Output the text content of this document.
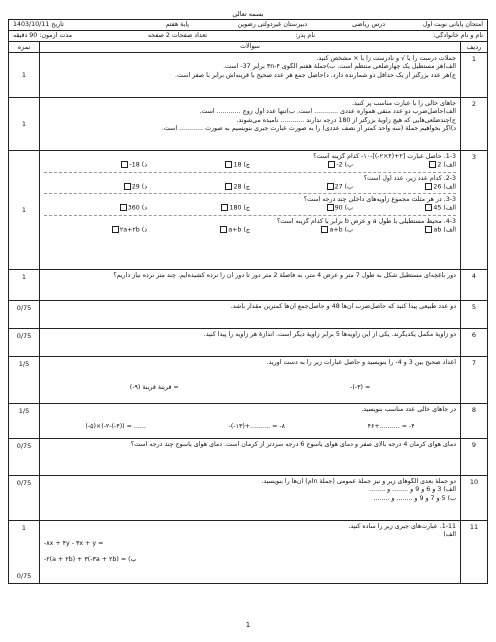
بسمه تعالی
امتحان پایانی نوبت اول
درس ریاضی
دبیرستان غیردولتی رضوین
پایهٔ هفتم
تاریخ 1403/10/11
نام و نام خانوادگی:
نام پدر:
تعداد صفحات 2 صفحه
مدت آزمون: 90 دقیقه
ردیف
سوالات
نمره
1
جملات درست را با √ و نادرست را با × مشخص کنید.
الف)هر مستطیل یک چهارضلعی منتظم است. ب)جملهٔ هفتم الگوی ۳n-۴ برابر 37- است.
ج)هر عدد بزرگتر از یک حداقل دو شمارنده دارد. د)حاصل جمع هر عدد صحیح با قرینه‌اش برابر با صفر است.
1
2
جاهای خالی را با عبارت مناسب پر کنید.
الف)حاصل‌ضرب دو عدد منفی همواره عددی ............ است. ب)تنها عدد اول زوج ............ است.
ج)چندضلعی‌هایی که هیچ زاویهٔ بزرگتر از 180 درجه ندارند ............ نامیده می‌شوند.
د)اگر بخواهیم جملهٔ (سه واحد کمتر از نصف عددی) را به صورت عبارت جبری بنویسیم به صورت ............ است.
1
3
1-3. حاصل عبارت [۲+(۴×۲-)]-۱۰- کدام گزینه است؟
الف) 2
ب) 2-
ج) 18
د) 18-
2-3. کدام عدد زیر، عدد اول است؟
الف) 26
ب) 27
ج) 28
د) 29
3-3. در هر مثلث مجموع زاویه‌های داخلی چند درجه است؟
الف) 45
ب) 90
ج) 180
د) 360
4-3. محیط مستطیلی با طول a و عرض b برابر با کدام گزینه است؟
الف) ab
ب) a+b
ج) a+b
د) ۲a+۲b
1
4
دور باغچه‌ای مستطیل شکل به طول 7 متر و عرض 4 متر، به فاصلهٔ 2 متر دور تا دور آن را نرده کشیده‌ایم. چند متر نرده نیاز داریم؟
1
5
دو عدد طبیعی پیدا کنید که حاصل‌ضرب آن‌ها 48 و حاصل‌جمع آن‌ها کمترین مقدار باشد.
0/75
6
دو زاویهٔ مکمل یکدیگرند. یکی از این زاویه‌ها 5 برابر زاویهٔ دیگر است. اندازهٔ هر زاویه را پیدا کنید.
0/75
7
اعداد صحیح بین 3 و 4- را بنویسید و حاصل عبارات زیر را به دست آورید.
-(-۳) =
قرینهٔ قرینهٔ (۹-) =
1/5
8
در جاهای خالی عدد مناسب بنویسید.
۴۶+.......... = -۴
-(-۱۳)+.......... = -۸
(-۵)×(-۲-(-۴)) = ......
1/5
9
دمای هوای کرمان 4 درجه بالای صفر و دمای هوای یاسوج 6 درجه سردتر از کرمان است. دمای هوای یاسوج چند درجه است؟
0/75
10
دو جملهٔ بعدی الگوهای زیر و نیز جملهٔ عمومی (جملهٔ nام) آن‌ها را بنویسید.
الف) 3 و 6 و 9 و ........ و ........
ب) 5 و 7 و 9 و ........ و ........
0/75
11
1-11. عبارت‌های جبری زیر را ساده کنید.
الف)
-۸x + ۴y - ۳x + y =
ب) -۲(a + ۲b) + ۳(-۳a + ۲b) =
1
0/75
1
